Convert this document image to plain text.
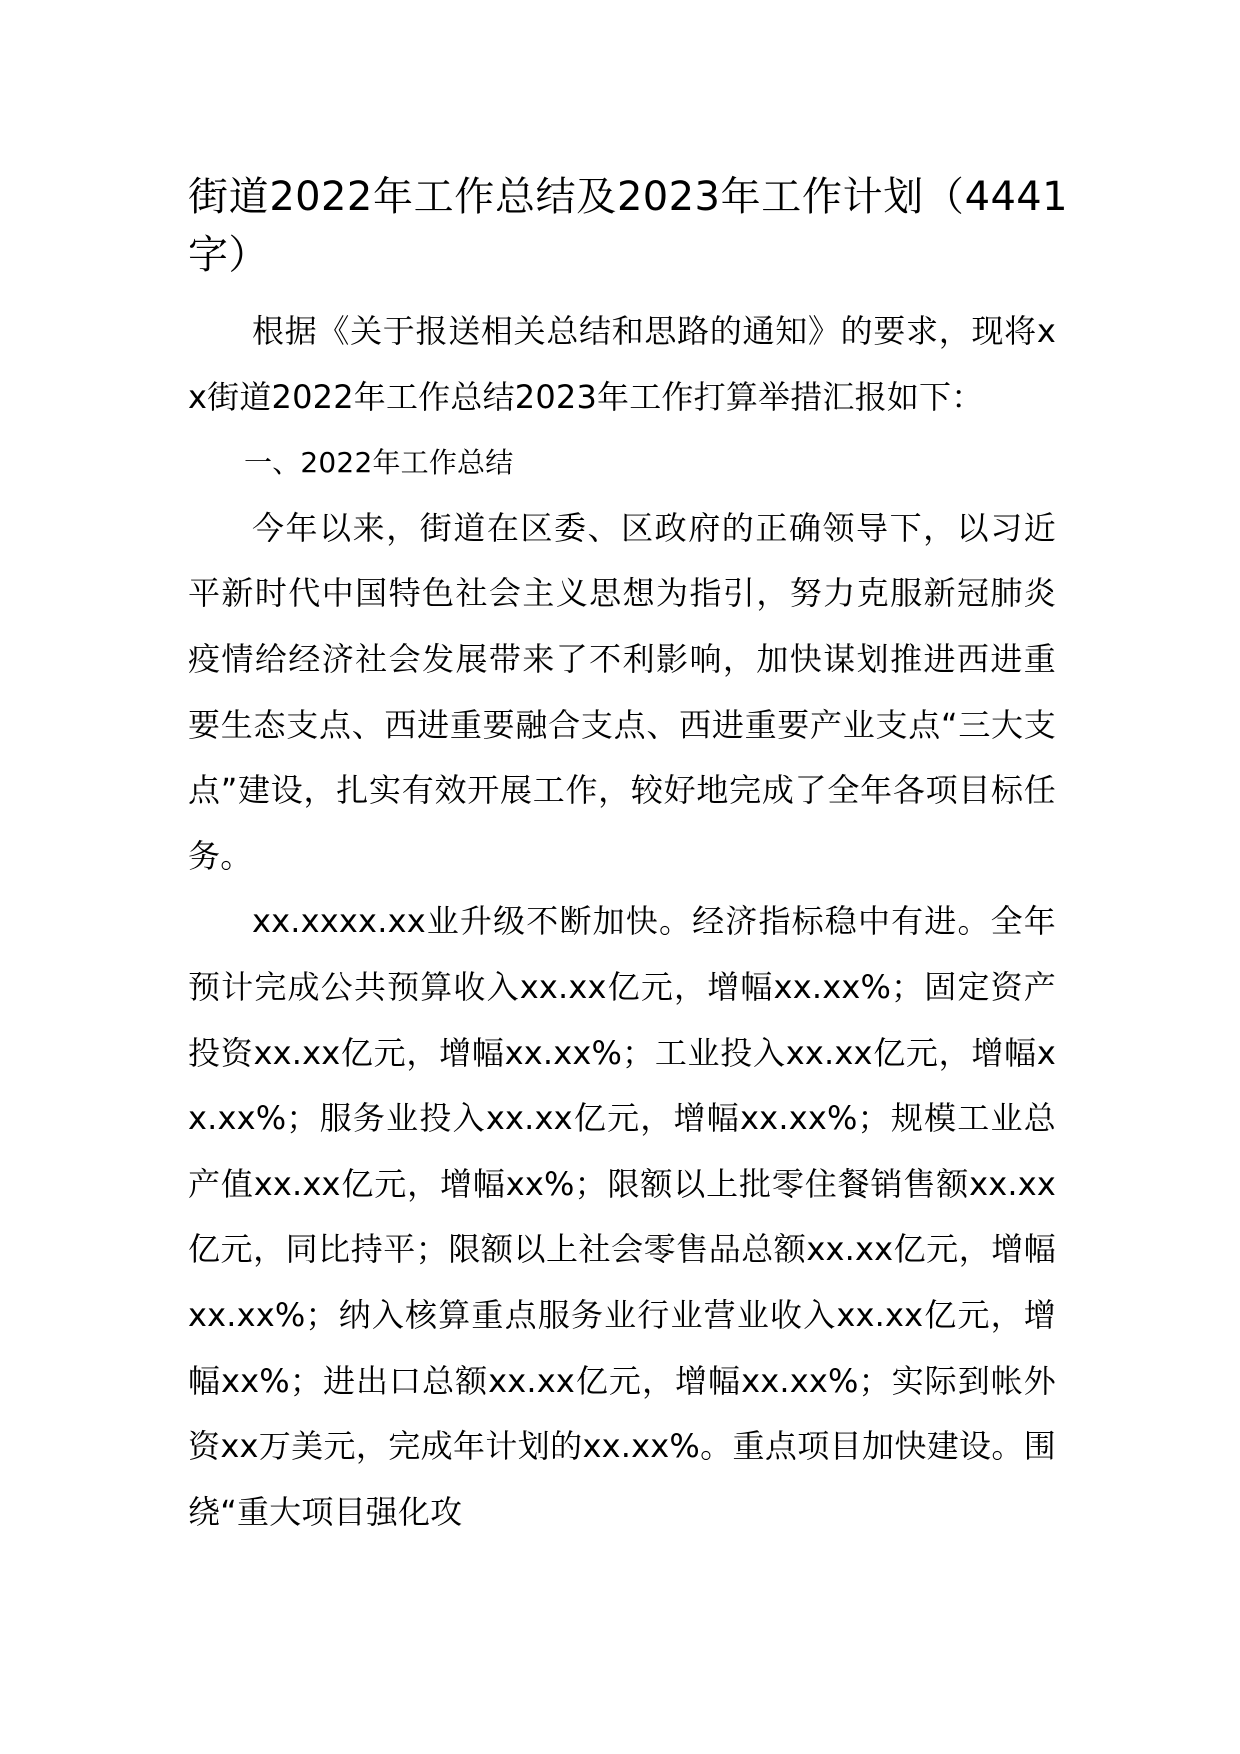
街道2022年工作总结及2023年工作计划（4441字）

根据《关于报送相关总结和思路的通知》的要求，现将xx街道2022年工作总结2023年工作打算举措汇报如下：

一、2022年工作总结

今年以来，街道在区委、区政府的正确领导下，以习近平新时代中国特色社会主义思想为指引，努力克服新冠肺炎疫情给经济社会发展带来了不利影响，加快谋划推进西进重要生态支点、西进重要融合支点、西进重要产业支点“三大支点”建设，扎实有效开展工作，较好地完成了全年各项目标任务。

xx.xxxx.xx业升级不断加快。经济指标稳中有进。全年预计完成公共预算收入xx.xx亿元，增幅xx.xx%；固定资产投资xx.xx亿元，增幅xx.xx%；工业投入xx.xx亿元，增幅xx.xx%；服务业投入xx.xx亿元，增幅xx.xx%；规模工业总产值xx.xx亿元，增幅xx%；限额以上批零住餐销售额xx.xx亿元，同比持平；限额以上社会零售品总额xx.xx亿元，增幅xx.xx%；纳入核算重点服务业行业营业收入xx.xx亿元，增幅xx%；进出口总额xx.xx亿元，增幅xx.xx%；实际到帐外资xx万美元，完成年计划的xx.xx%。重点项目加快建设。围绕“重大项目强化攻
